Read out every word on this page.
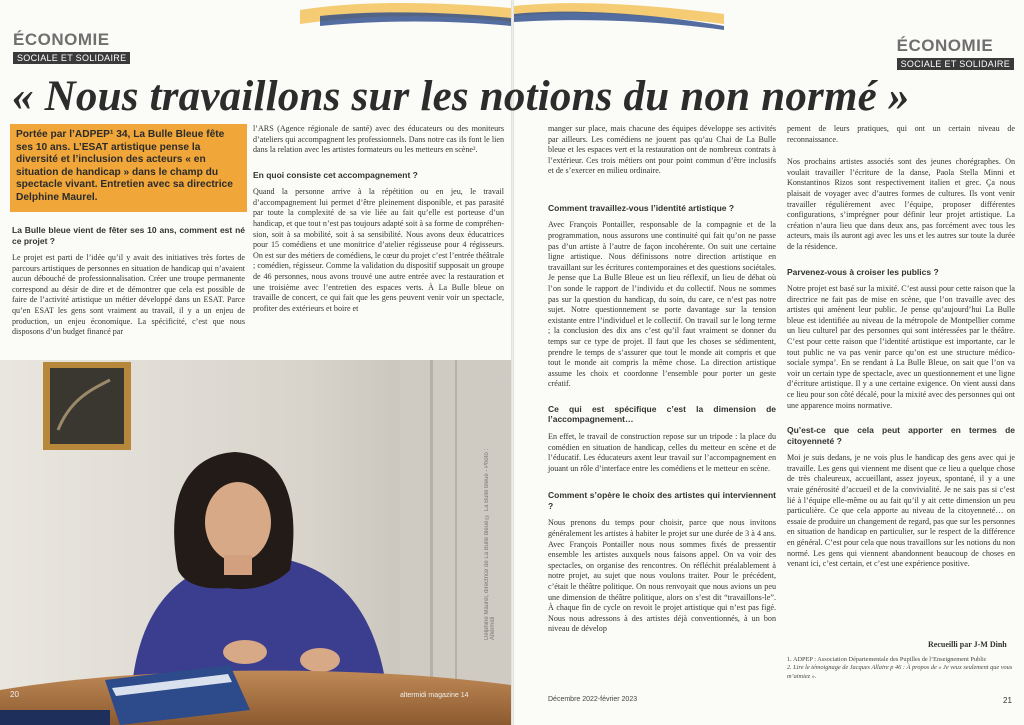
ÉCONOMIE
SOCIALE ET SOLIDAIRE
ÉCONOMIE
SOCIALE ET SOLIDAIRE
« Nous travaillons sur les notions du non normé »
Portée par l’ADPEP¹ 34, La Bulle Bleue fête ses 10 ans. L’ESAT artistique pense la diversité et l’inclusion des acteurs « en situation de handicap » dans le champ du spectacle vivant. Entretien avec sa directrice Delphine Maurel.
La Bulle bleue vient de fêter ses 10 ans, comment est né ce projet ?

Le projet est parti de l’idée qu’il y avait des initiatives très fortes de parcours artistiques de personnes en situation de handicap qui n’avaient aucun débouché de professionnalisation. Créer une troupe permanente correspond au désir de dire et de démontrer que cela est possible de faire de l’activité artistique un métier développé dans un ESAT. Parce qu’en ESAT les gens sont vraiment au travail, il y a un enjeu de production, un enjeu économique. La spécificité, c’est que nous disposons d’un budget financé par

l’ARS (Agence régionale de santé) avec des éducateurs ou des moniteurs d’ateliers qui accompagnent les professionnels. Dans notre cas ils font le lien dans la relation avec les artistes formateurs ou les metteurs en scène².

En quoi consiste cet accompagnement ?

Quand la personne arrive à la répétition ou en jeu, le travail d’accompagnement lui permet d’être pleinement disponible, et pas parasité par toute la complexité de sa vie liée au fait qu’elle est porteuse d’un handicap, et que tout n’est pas toujours adapté soit à sa forme de compréhension, soit à sa mobilité, soit à sa sensibilité. Nous avons deux éducatrices pour 15 comédiens et une monitrice d’atelier régisseuse pour 4 régisseurs. On est sur des métiers de comédiens, le cœur du projet c’est l’entrée théâtrale ; comédien, régisseur. Comme la validation du dispositif supposait un groupe de 46 personnes, nous avons trouvé une autre entrée avec la restauration et une troisième avec l’entretien des espaces verts. À La Bulle bleue on travaille de concert, ce qui fait que les gens peuvent venir voir un spectacle, profiter des extérieurs et boire et

Delphine Maurel, directrice de La Bulle bleue © La Bulle bleue - Photo : Altermidi
20	altermidi magazine 14

manger sur place, mais chacune des équipes développe ses activités par ailleurs. Les comédiens ne jouent pas qu’au Chai de La Bulle bleue et les espaces vert et la restauration ont de nombreux contrats à l’extérieur. Ces trois métiers ont pour point commun d’être inclusifs et de s’exercer en milieu ordinaire.

Comment travaillez-vous l’identité artistique ?

Avec François Pontailler, responsable de la compagnie et de la programmation, nous assurons une continuité qui fait qu’on ne passe pas d’un artiste à l’autre de façon incohérente. On suit une certaine ligne artistique. Nous définissons notre direction artistique en travaillant sur les écritures contemporaines et des questions sociétales. Je pense que La Bulle Bleue est un lieu réflexif, un lieu de débat où l’on sonde le rapport de l’individu et du collectif. Nous ne sommes pas sur la question du handicap, du soin, du care, ce n’est pas notre sujet. Notre questionnement se porte davantage sur la tension existante entre l’individuel et le collectif. On travail sur le long terme ; la conclusion des dix ans c’est qu’il faut vraiment se donner du temps sur ce type de projet. Il faut que les choses se sédimentent, prendre le temps de s’assurer que tout le monde ait compris et que tout le monde ait compris la même chose. La direction artistique assume les choix et coordonne l’ensemble pour porter un geste créatif.

Ce qui est spécifique c’est la dimension de l’accompagnement…

En effet, le travail de construction repose sur un tripode : la place du comédien en situation de handicap, celles du metteur en scène et de l’éducatif. Les éducateurs axent leur travail sur l’accompagnement en jouant un rôle d’interface entre les comédiens et le metteur en scène.

Comment s’opère le choix des artistes qui interviennent ?

Nous prenons du temps pour choisir, parce que nous invitons généralement les artistes à habiter le projet sur une durée de 3 à 4 ans. Avec François Pontailler nous nous sommes fixés de pressentir ensemble les artistes auxquels nous faisons appel. On va voir des spectacles, on organise des rencontres. On réfléchit préalablement à notre projet, au sujet que nous voulons traiter. Pour le précédent, c’était le théâtre politique. On nous renvoyait que nous avions un peu une dimension de théâtre politique, alors on s’est dit “travaillons-le”. À chaque fin de cycle on revoit le projet artistique qui n’est pas figé. Nous nous adressons à des artistes déjà conventionnés, à un bon niveau de dévelop

pement de leurs pratiques, qui ont un certain niveau de reconnaissance.

Nos prochains artistes associés sont des jeunes chorégraphes. On voulait travailler l’écriture de la danse, Paola Stella Minni et Konstantinos Rizos sont respectivement italien et grec. Ça nous plaisait de voyager avec d’autres formes de cultures. Ils vont venir travailler régulièrement avec l’équipe, proposer différentes configurations, s’imprégner pour définir leur projet artistique. La création n’aura lieu que dans deux ans, pas forcément avec tous les acteurs, mais ils auront agi avec les uns et les autres sur toute la durée de la résidence.

Parvenez-vous à croiser les publics ?

Notre projet est basé sur la mixité. C’est aussi pour cette raison que la directrice ne fait pas de mise en scène, que l’on travaille avec des artistes qui amènent leur public. Je pense qu’aujourd’hui La Bulle bleue est identifiée au niveau de la métropole de Montpellier comme un lieu culturel par des personnes qui sont intéressées par le théâtre. C’est pour cette raison que l’identité artistique est importante, car le tout public ne va pas venir parce qu’on est une structure médico-sociale sympa’. En se rendant à La Bulle Bleue, on sait que l’on va voir un certain type de spectacle, avec un questionnement et une ligne d’écriture artistique. Il y a une certaine exigence. On vient aussi dans ce lieu pour son côté décalé, pour la mixité avec des personnes qui ont une apparence moins normative.

Qu’est-ce que cela peut apporter en termes de citoyenneté ?

Moi je suis dedans, je ne vois plus le handicap des gens avec qui je travaille. Les gens qui viennent me disent que ce lieu a quelque chose de très chaleureux, accueillant, assez joyeux, spontané, il y a une vraie générosité d’accueil et de la convivialité. Je ne sais pas si c’est lié à l’équipe elle-même ou au fait qu’il y ait cette dimension un peu particulière. Ce que cela apporte au niveau de la citoyenneté… on essaie de produire un changement de regard, pas que sur les personnes en situation de handicap en particulier, sur le respect de la différence en général. C’est pour cela que nous travaillons sur les notions du non normé. Les gens qui viennent abandonnent beaucoup de choses en venant ici, c’est certain, et c’est une expérience positive.

Recueilli par J-M Dinh
1. ADPEP : Association Départementale des Pupilles de l’Enseignement Public
2. Lire le témoignage de Jacques Allaire p 46 : À propos de « Je veux seulement que vous m’aimiez ».
Décembre 2022-février 2023	21
